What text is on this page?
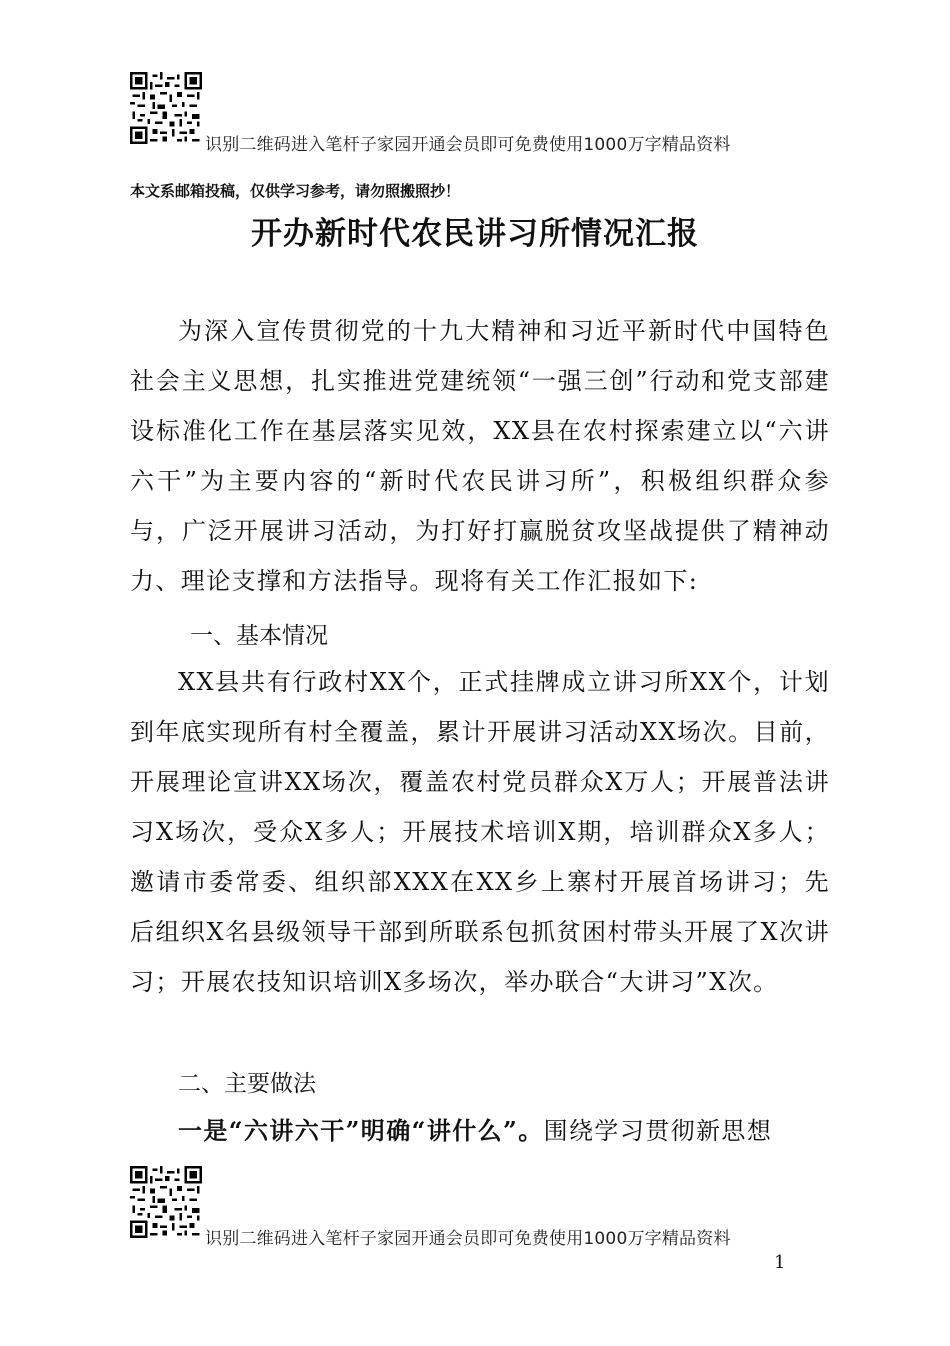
识别二维码进入笔杆子家园开通会员即可免费使用1000万字精品资料
本文系邮箱投稿，仅供学习参考，请勿照搬照抄！
开办新时代农民讲习所情况汇报
为深入宣传贯彻党的十九大精神和习近平新时代中国特色社会主义思想，扎实推进党建统领“一强三创”行动和党支部建设标准化工作在基层落实见效，XX县在农村探索建立以“六讲六干”为主要内容的“新时代农民讲习所”，积极组织群众参与，广泛开展讲习活动，为打好打赢脱贫攻坚战提供了精神动力、理论支撑和方法指导。现将有关工作汇报如下:
一、基本情况
XX县共有行政村XX个，正式挂牌成立讲习所XX个，计划到年底实现所有村全覆盖，累计开展讲习活动XX场次。目前，开展理论宣讲XX场次，覆盖农村党员群众X万人；开展普法讲习X场次，受众X多人；开展技术培训X期，培训群众X多人；邀请市委常委、组织部XXX在XX乡上寨村开展首场讲习；先后组织X名县级领导干部到所联系包抓贫困村带头开展了X次讲习；开展农技知识培训X多场次，举办联合“大讲习”X次。
二、主要做法
一是“六讲六干”明确“讲什么”。围绕学习贯彻新思想
识别二维码进入笔杆子家园开通会员即可免费使用1000万字精品资料
1
